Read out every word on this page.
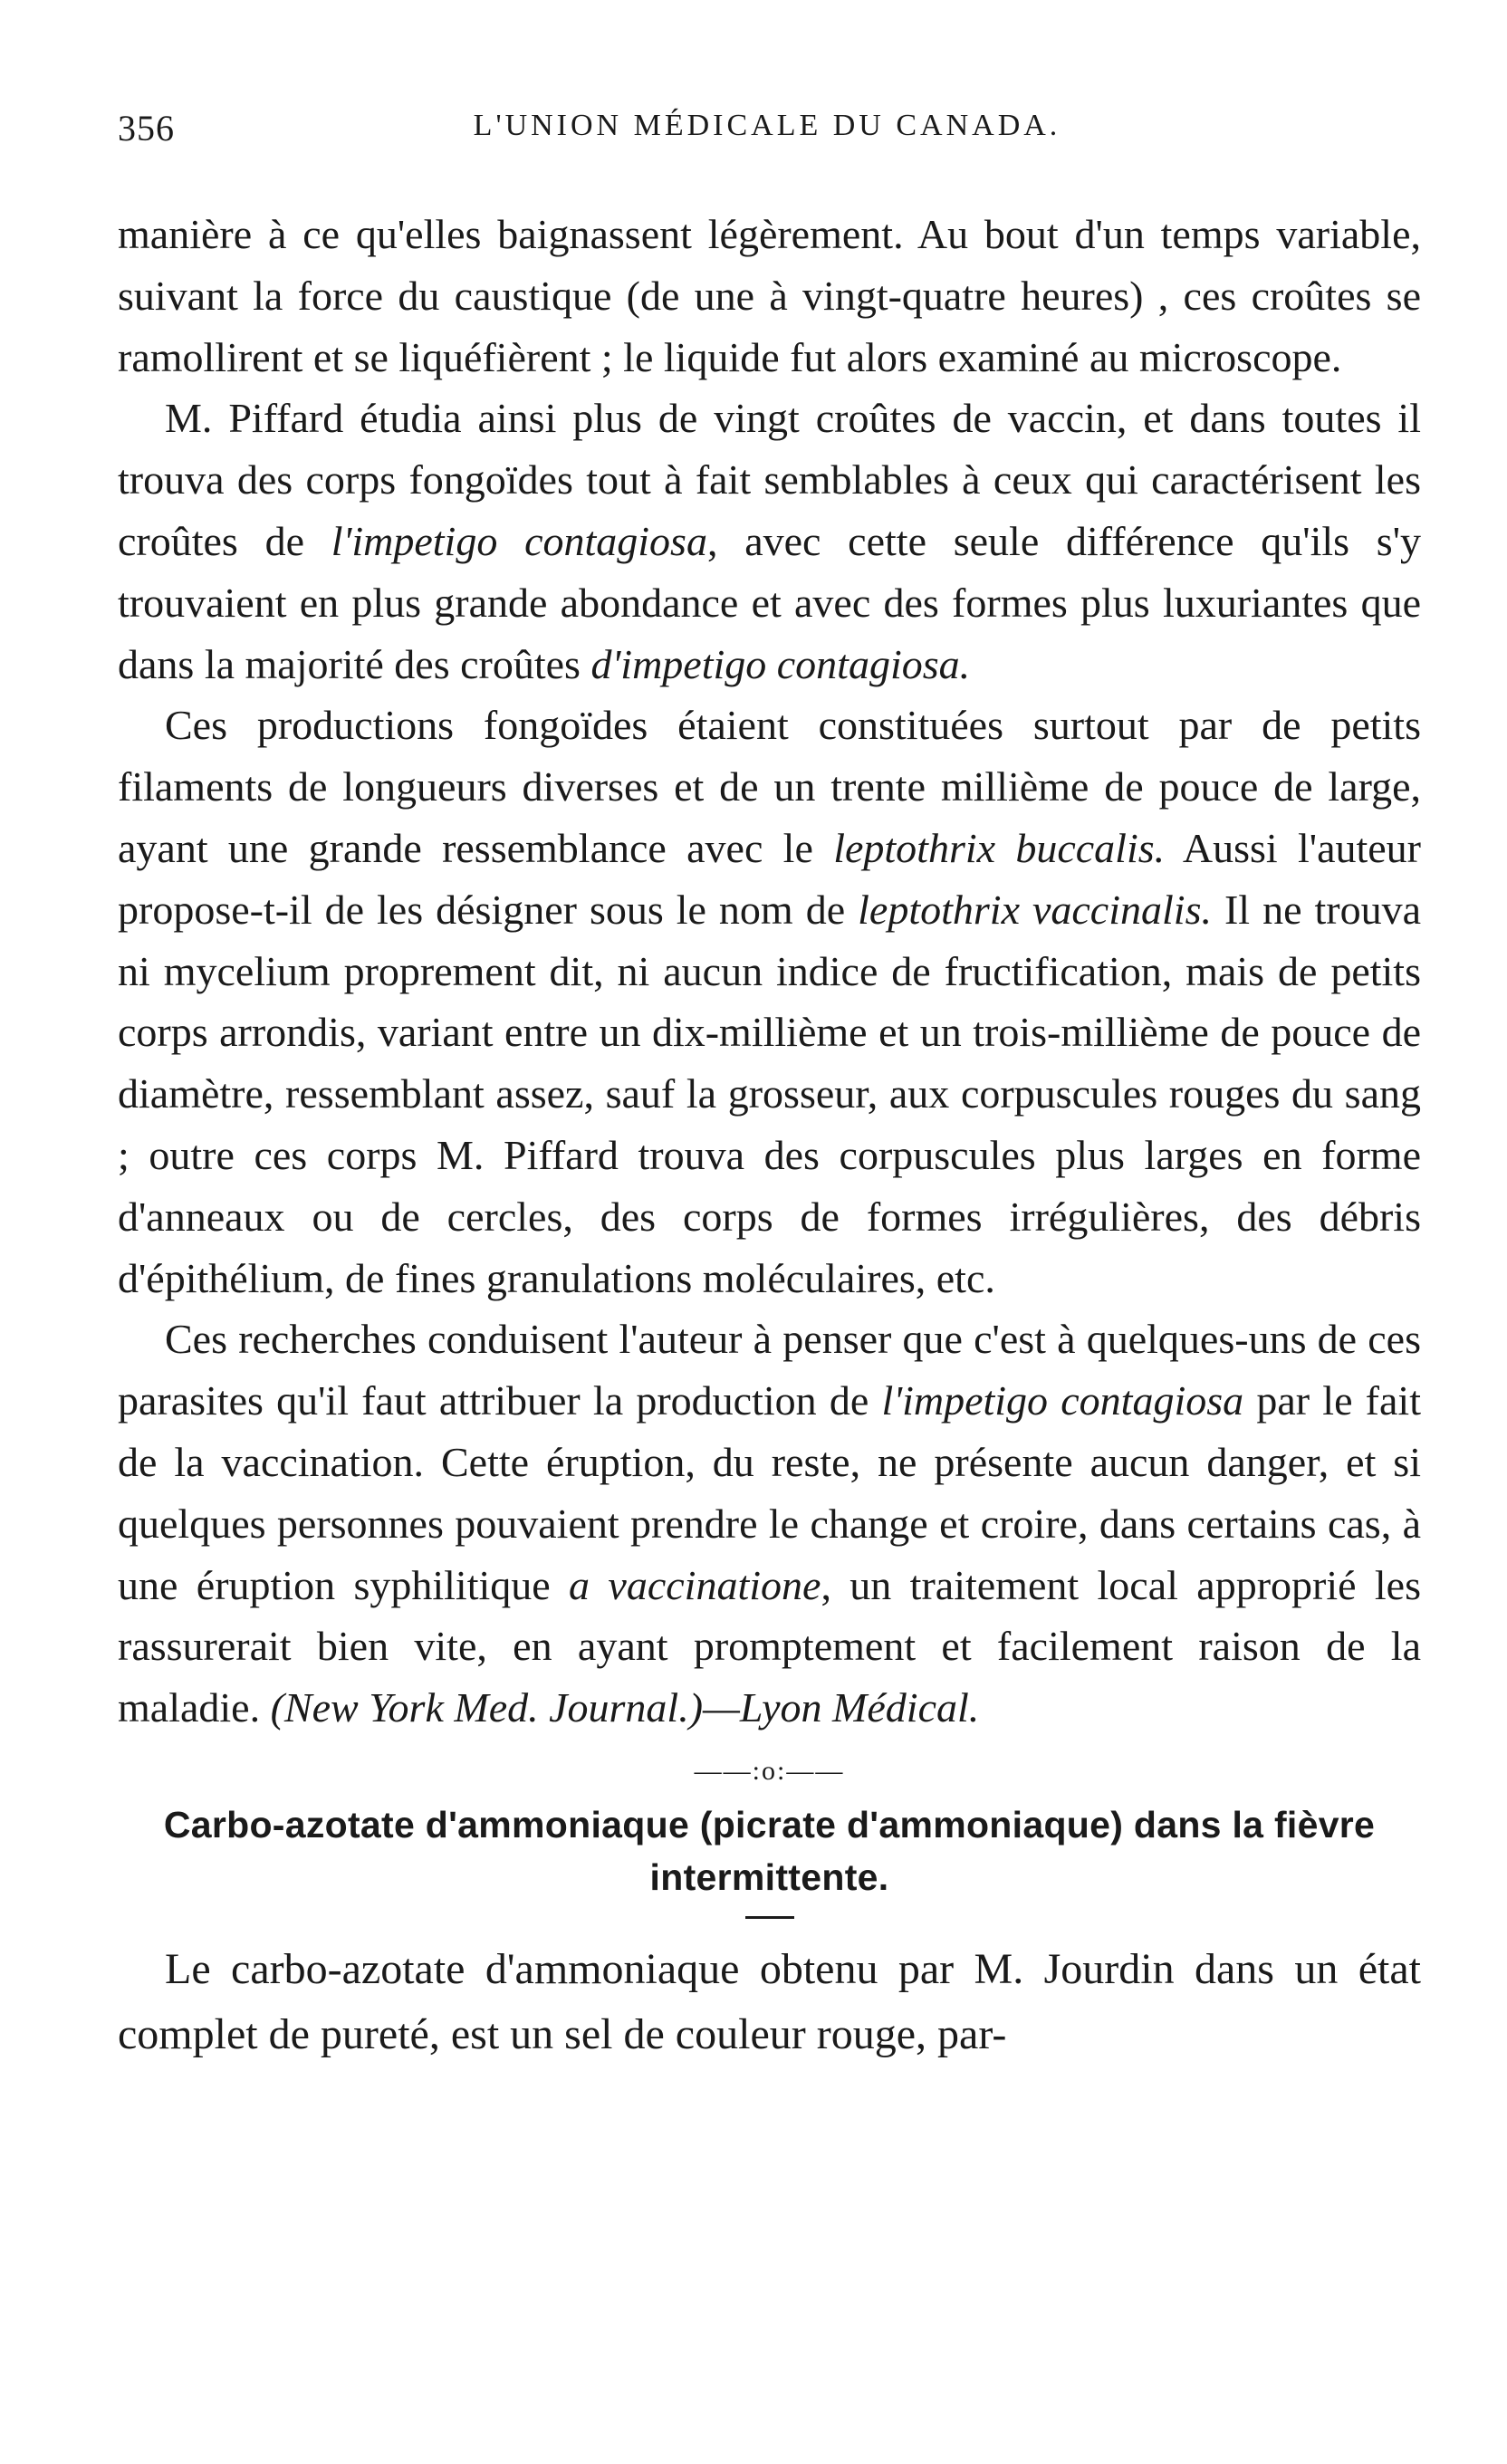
356	L'UNION MÉDICALE DU CANADA.

manière à ce qu'elles baignassent légèrement. Au bout d'un temps variable, suivant la force du caustique (de une à vingt-quatre heures) , ces croûtes se ramollirent et se liquéfièrent ; le liquide fut alors examiné au microscope.

M. Piffard étudia ainsi plus de vingt croûtes de vaccin, et dans toutes il trouva des corps fongoïdes tout à fait semblables à ceux qui caractérisent les croûtes de l'impetigo contagiosa, avec cette seule différence qu'ils s'y trouvaient en plus grande abondance et avec des formes plus luxuriantes que dans la majorité des croûtes d'impetigo contagiosa.

Ces productions fongoïdes étaient constituées surtout par de petits filaments de longueurs diverses et de un trente millième de pouce de large, ayant une grande ressemblance avec le leptothrix buccalis. Aussi l'auteur propose-t-il de les désigner sous le nom de leptothrix vaccinalis. Il ne trouva ni mycelium proprement dit, ni aucun indice de fructification, mais de petits corps arrondis, variant entre un dix-millième et un trois-millième de pouce de diamètre, ressemblant assez, sauf la grosseur, aux corpuscules rouges du sang ; outre ces corps M. Piffard trouva des corpuscules plus larges en forme d'anneaux ou de cercles, des corps de formes irrégulières, des débris d'épithélium, de fines granulations moléculaires, etc.

Ces recherches conduisent l'auteur à penser que c'est à quelques-uns de ces parasites qu'il faut attribuer la production de l'impetigo contagiosa par le fait de la vaccination. Cette éruption, du reste, ne présente aucun danger, et si quelques personnes pouvaient prendre le change et croire, dans certains cas, à une éruption syphilitique a vaccinatione, un traitement local approprié les rassurerait bien vite, en ayant promptement et facilement raison de la maladie. (New York Med. Journal.)—Lyon Médical.

——:o:——

Carbo-azotate d'ammoniaque (picrate d'ammoniaque) dans la fièvre intermittente.

Le carbo-azotate d'ammoniaque obtenu par M. Jourdin dans un état complet de pureté, est un sel de couleur rouge, par-
